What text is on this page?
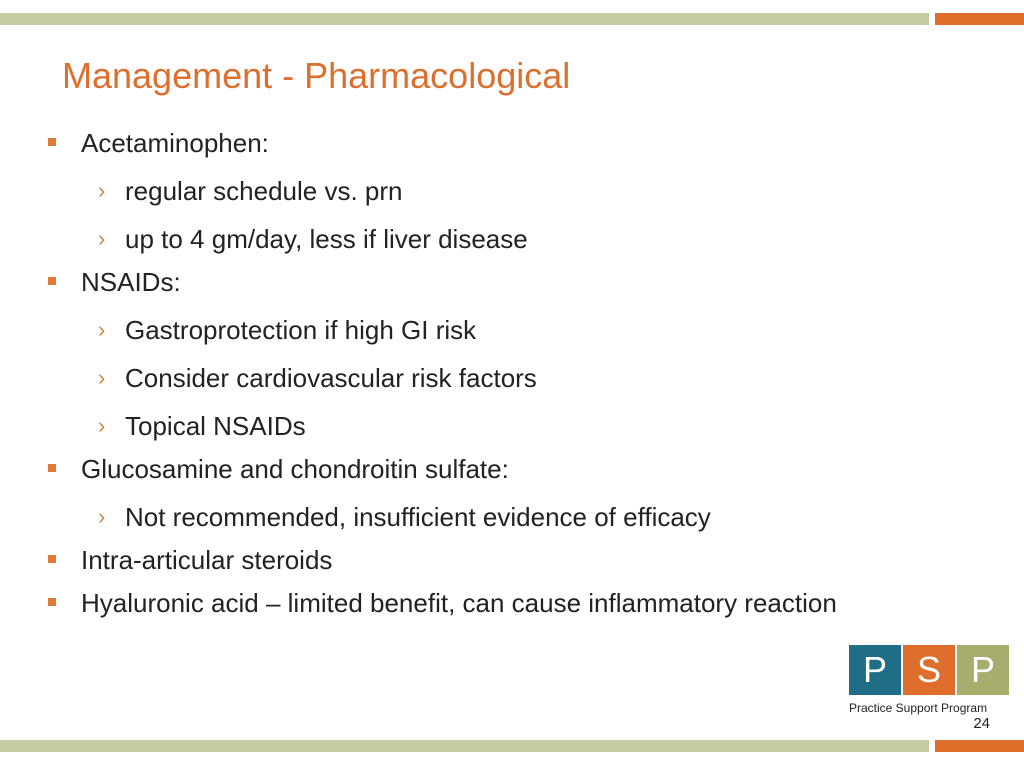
Management - Pharmacological
Acetaminophen:
› regular schedule vs. prn
› up to 4 gm/day, less if liver disease
NSAIDs:
› Gastroprotection if high GI risk
› Consider cardiovascular risk factors
› Topical NSAIDs
Glucosamine and chondroitin sulfate:
› Not recommended, insufficient evidence of efficacy
Intra-articular steroids
Hyaluronic acid – limited benefit, can cause inflammatory reaction
P S P
Practice Support Program
24
